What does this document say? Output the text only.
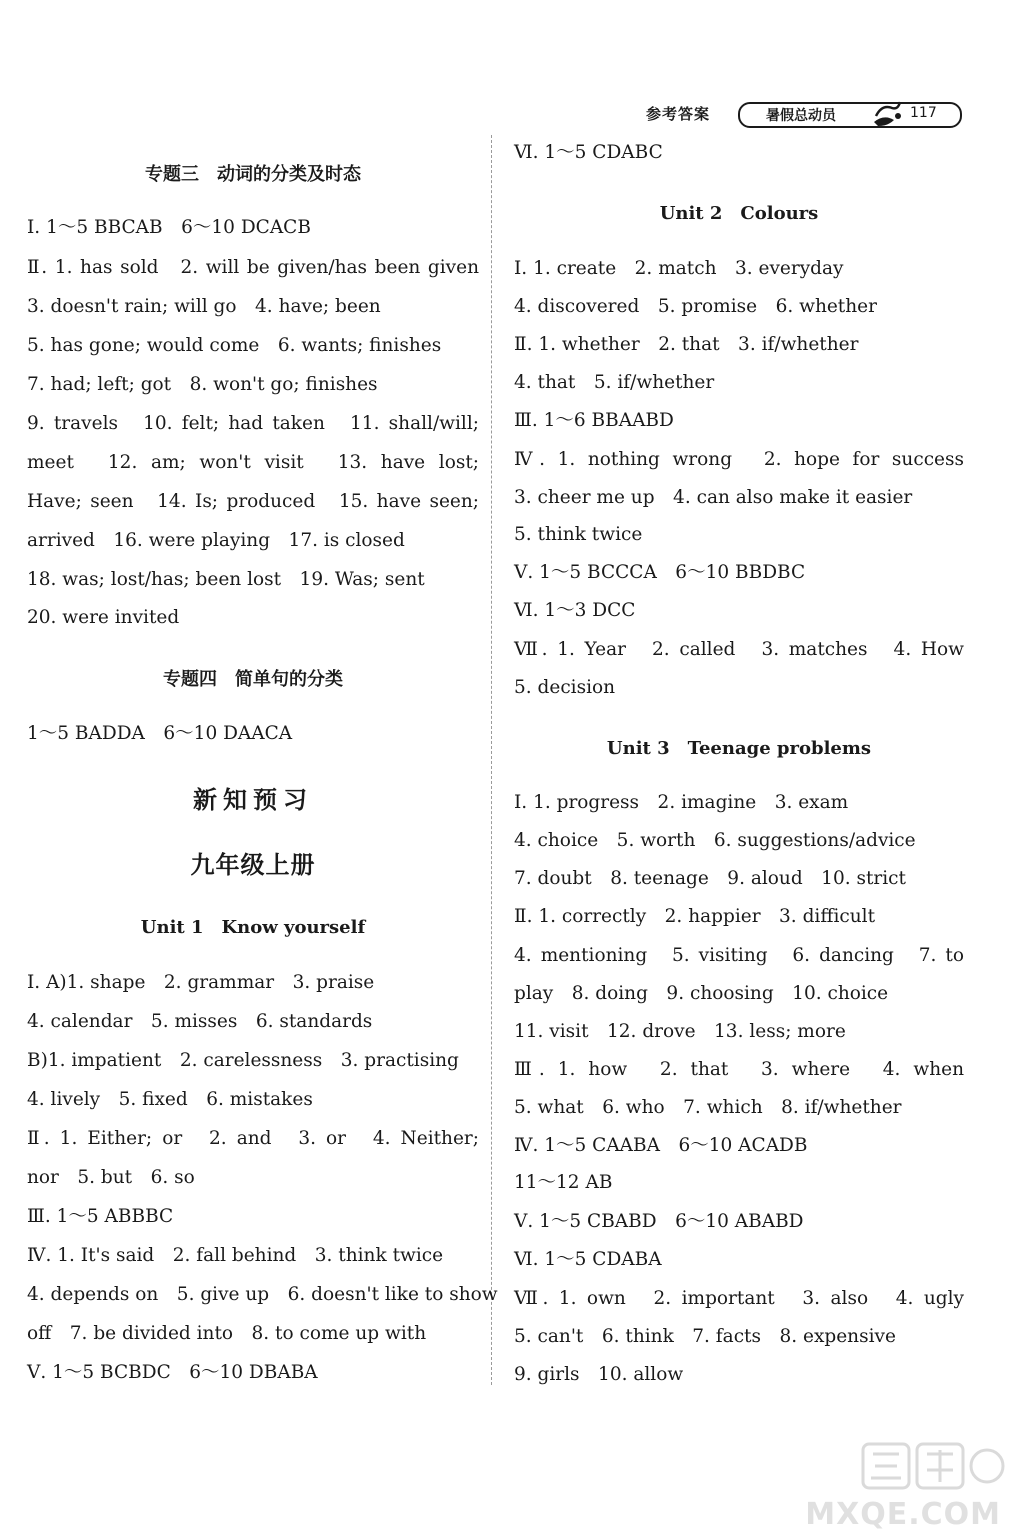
参考答案	暑假总动员	117
专题三　动词的分类及时态
Ⅰ. 1～5 BBCAB　6～10 DCACB
Ⅱ. 1. has sold　2. will be given/has been given
3. doesn't rain; will go　4. have; been
5. has gone; would come　6. wants; finishes
7. had; left; got　8. won't go; finishes
9. travels　10. felt; had taken　11. shall/will;
meet　12. am; won't visit　13. have lost;
Have; seen　14. Is; produced　15. have seen;
arrived　16. were playing　17. is closed
18. was; lost/has; been lost　19. Was; sent
20. were invited
专题四　简单句的分类
1～5 BADDA　6～10 DAACA
新知预习
九年级上册
Unit 1　Know yourself
Ⅰ. A)1. shape　2. grammar　3. praise
4. calendar　5. misses　6. standards
B)1. impatient　2. carelessness　3. practising
4. lively　5. fixed　6. mistakes
Ⅱ. 1. Either; or　2. and　3. or　4. Neither;
nor　5. but　6. so
Ⅲ. 1～5 ABBBC
Ⅳ. 1. It's said　2. fall behind　3. think twice
4. depends on　5. give up　6. doesn't like to show
off　7. be divided into　8. to come up with
Ⅴ. 1～5 BCBDC　6～10 DBABA
Ⅵ. 1～5 CDABC
Unit 2　Colours
Ⅰ. 1. create　2. match　3. everyday
4. discovered　5. promise　6. whether
Ⅱ. 1. whether　2. that　3. if/whether
4. that　5. if/whether
Ⅲ. 1～6 BBAABD
Ⅳ. 1. nothing wrong　2. hope for success
3. cheer me up　4. can also make it easier
5. think twice
Ⅴ. 1～5 BCCCA　6～10 BBDBC
Ⅵ. 1～3 DCC
Ⅶ. 1. Year　2. called　3. matches　4. How
5. decision
Unit 3　Teenage problems
Ⅰ. 1. progress　2. imagine　3. exam
4. choice　5. worth　6. suggestions/advice
7. doubt　8. teenage　9. aloud　10. strict
Ⅱ. 1. correctly　2. happier　3. difficult
4. mentioning　5. visiting　6. dancing　7. to
play　8. doing　9. choosing　10. choice
11. visit　12. drove　13. less; more
Ⅲ. 1. how　2. that　3. where　4. when
5. what　6. who　7. which　8. if/whether
Ⅳ. 1～5 CAABA　6～10 ACADB
11～12 AB
Ⅴ. 1～5 CBABD　6～10 ABABD
Ⅵ. 1～5 CDABA
Ⅶ. 1. own　2. important　3. also　4. ugly
5. can't　6. think　7. facts　8. expensive
9. girls　10. allow
MXQE.COM
